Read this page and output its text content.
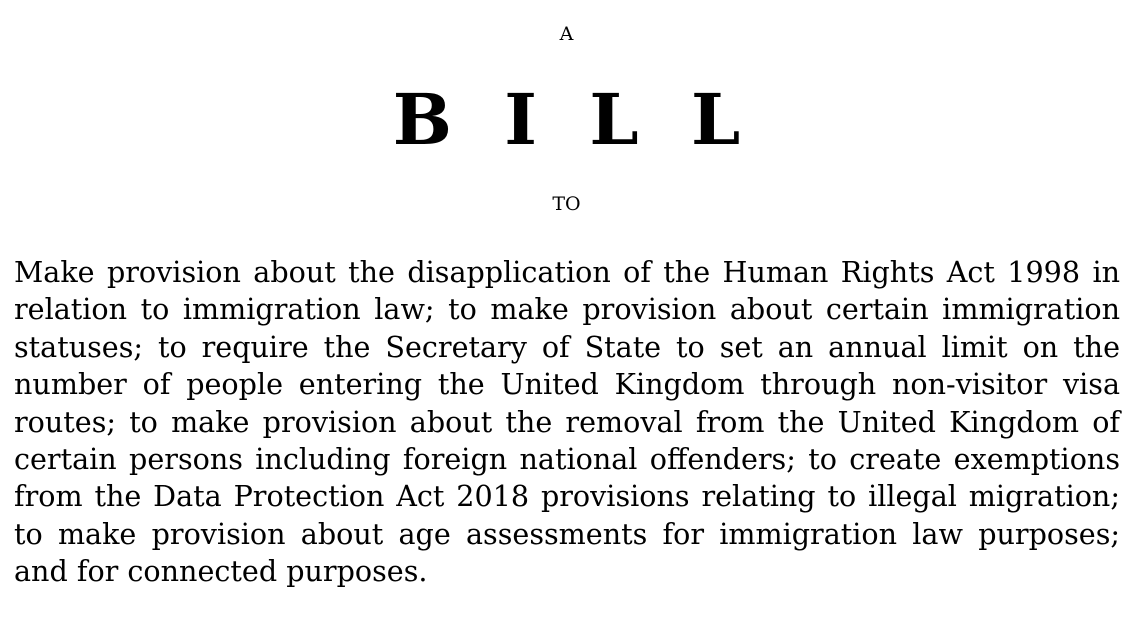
A
B I L L
TO

Make provision about the disapplication of the Human Rights Act 1998 in relation to immigration law; to make provision about certain immigration statuses; to require the Secretary of State to set an annual limit on the number of people entering the United Kingdom through non-visitor visa routes; to make provision about the removal from the United Kingdom of certain persons including foreign national offenders; to create exemptions from the Data Protection Act 2018 provisions relating to illegal migration; to make provision about age assessments for immigration law purposes; and for connected purposes.
